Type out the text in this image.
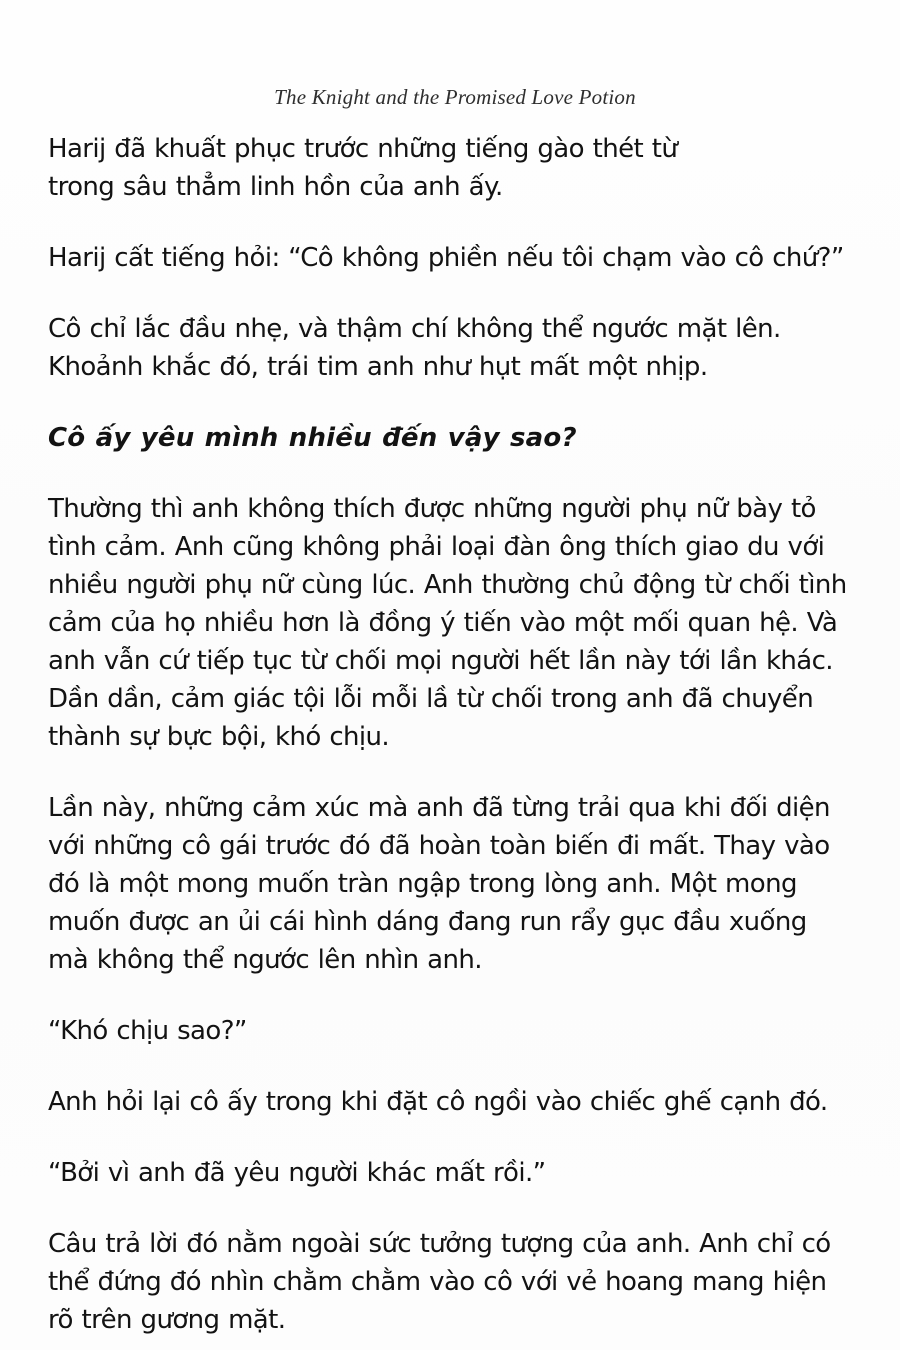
The Knight and the Promised Love Potion

Harij đã khuất phục trước những tiếng gào thét từ
trong sâu thẳm linh hồn của anh ấy.

Harij cất tiếng hỏi: “Cô không phiền nếu tôi chạm vào cô chứ?”

Cô chỉ lắc đầu nhẹ, và thậm chí không thể ngước mặt lên.
Khoảnh khắc đó, trái tim anh như hụt mất một nhịp.

Cô ấy yêu mình nhiều đến vậy sao?

Thường thì anh không thích được những người phụ nữ bày tỏ
tình cảm. Anh cũng không phải loại đàn ông thích giao du với
nhiều người phụ nữ cùng lúc. Anh thường chủ động từ chối tình
cảm của họ nhiều hơn là đồng ý tiến vào một mối quan hệ. Và
anh vẫn cứ tiếp tục từ chối mọi người hết lần này tới lần khác.
Dần dần, cảm giác tội lỗi mỗi lầ từ chối trong anh đã chuyển
thành sự bực bội, khó chịu.

Lần này, những cảm xúc mà anh đã từng trải qua khi đối diện
với những cô gái trước đó đã hoàn toàn biến đi mất. Thay vào
đó là một mong muốn tràn ngập trong lòng anh. Một mong
muốn được an ủi cái hình dáng đang run rẩy gục đầu xuống
mà không thể ngước lên nhìn anh.

“Khó chịu sao?”

Anh hỏi lại cô ấy trong khi đặt cô ngồi vào chiếc ghế cạnh đó.

“Bởi vì anh đã yêu người khác mất rồi.”

Câu trả lời đó nằm ngoài sức tưởng tượng của anh. Anh chỉ có
thể đứng đó nhìn chằm chằm vào cô với vẻ hoang mang hiện
rõ trên gương mặt.
